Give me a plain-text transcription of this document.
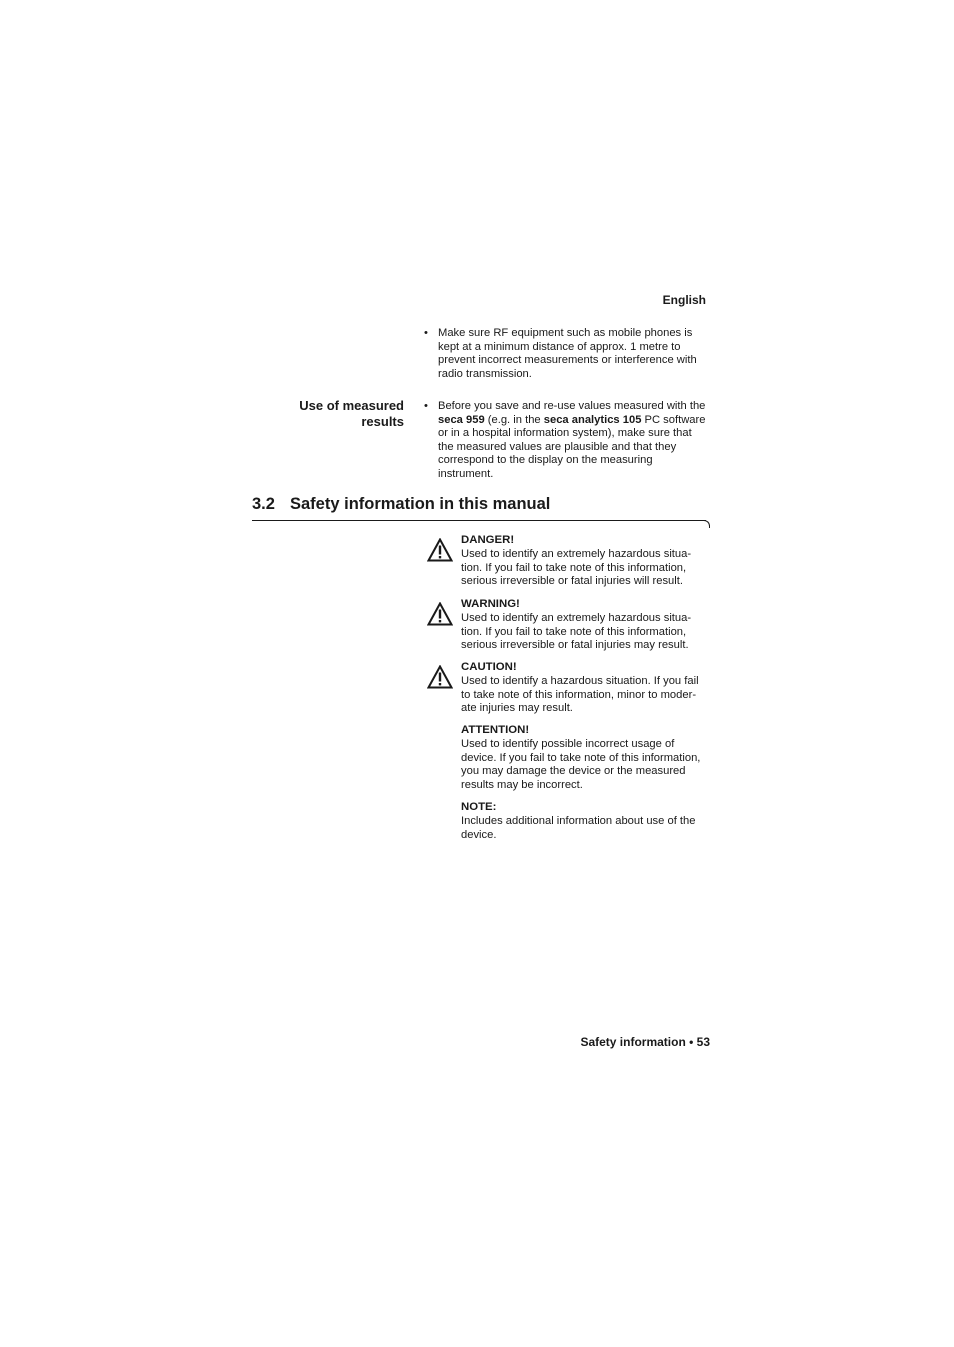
English
• Make sure RF equipment such as mobile phones is kept at a minimum distance of approx. 1 metre to prevent incorrect measurements or interference with radio transmission.
Use of measured
results
• Before you save and re-use values measured with the seca 959 (e.g. in the seca analytics 105 PC software or in a hospital information system), make sure that the measured values are plausible and that they correspond to the display on the measuring instrument.
3.2 Safety information in this manual
DANGER!
Used to identify an extremely hazardous situa-
tion. If you fail to take note of this information,
serious irreversible or fatal injuries will result.
WARNING!
Used to identify an extremely hazardous situa-
tion. If you fail to take note of this information,
serious irreversible or fatal injuries may result.
CAUTION!
Used to identify a hazardous situation. If you fail
to take note of this information, minor to moder-
ate injuries may result.
ATTENTION!
Used to identify possible incorrect usage of
device. If you fail to take note of this information,
you may damage the device or the measured
results may be incorrect.
NOTE:
Includes additional information about use of the
device.
Safety information • 53
